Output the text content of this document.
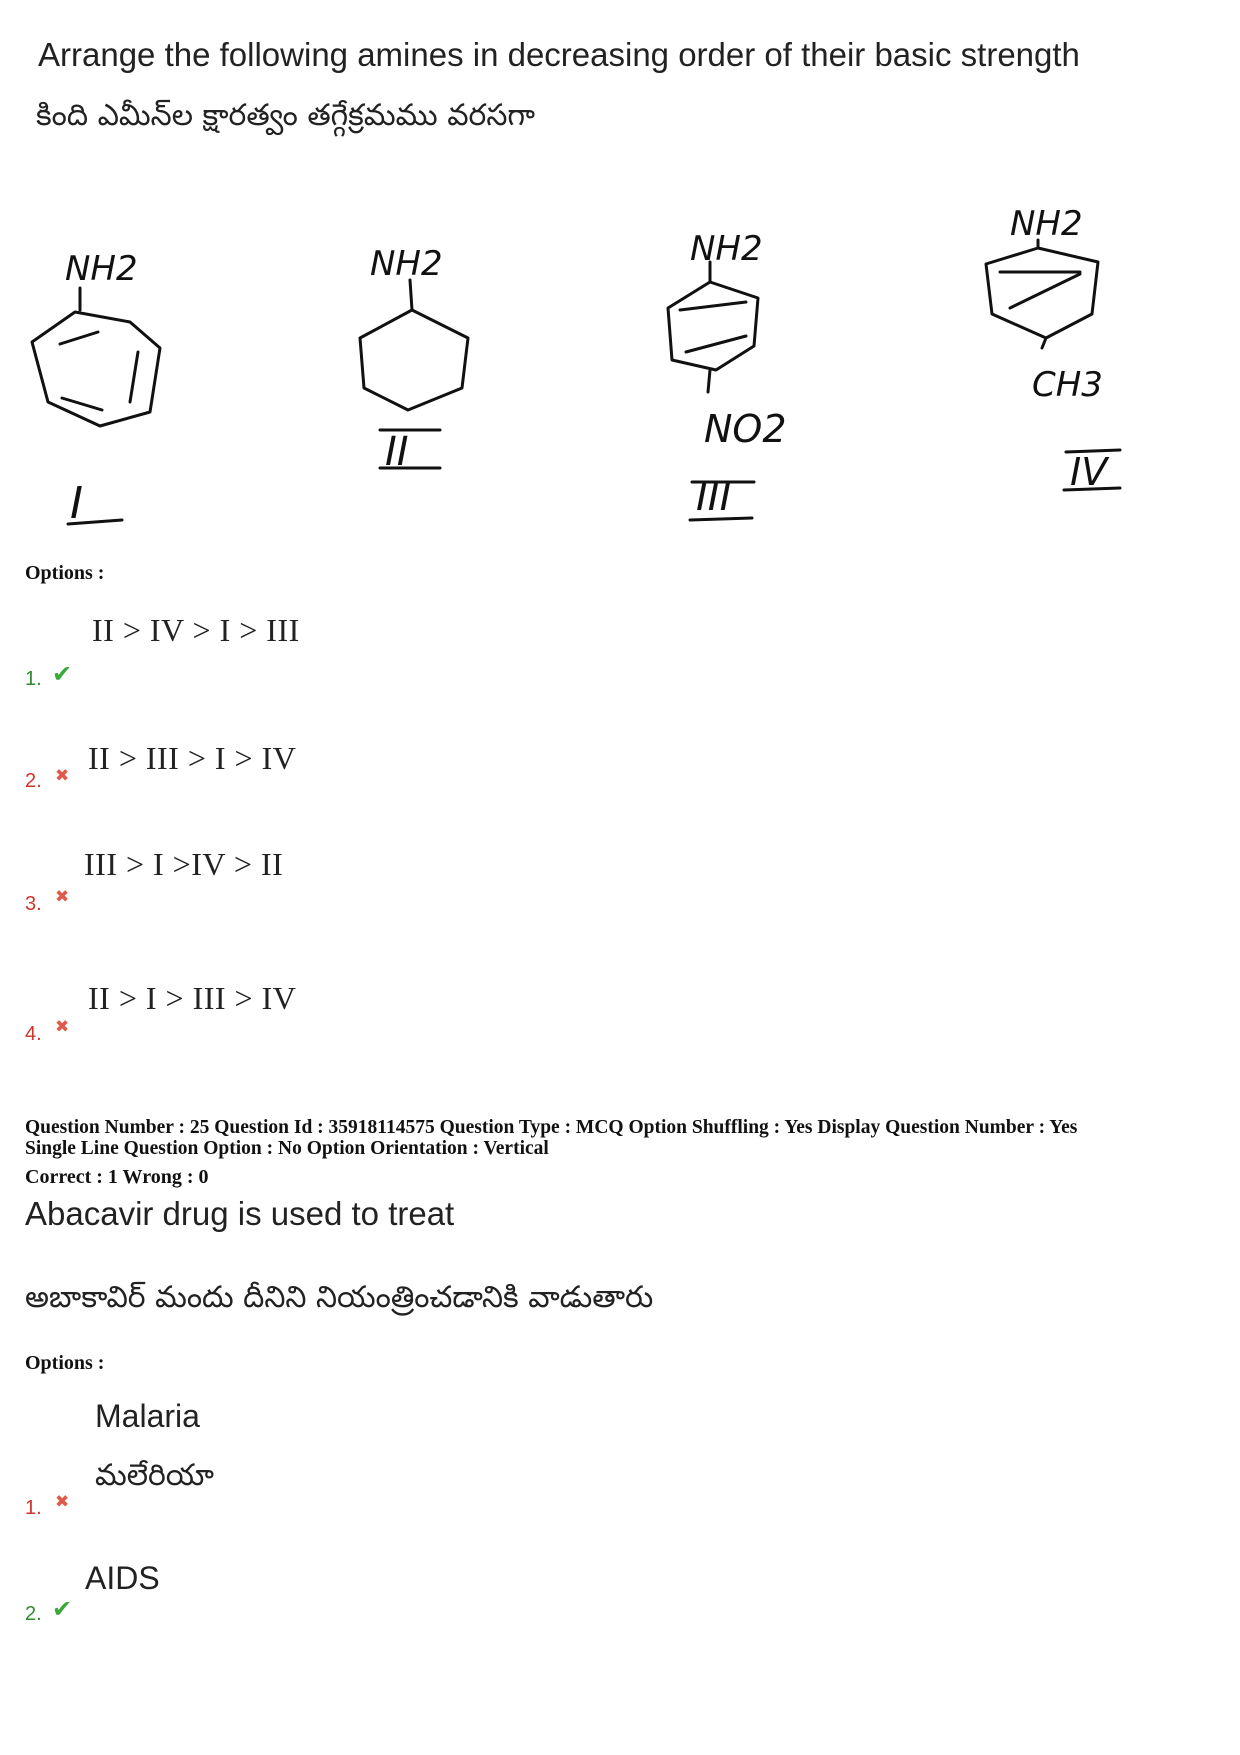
Arrange the following amines in decreasing order of their basic strength
కింది ఎమీన్‌ల క్షారత్వం తగ్గేక్రమము వరసగా
NH2
I
NH2
II
NH2
NO2
III
NH2
CH3
IV
Options :
II > IV > I > III
1. ✔
II > III > I > IV
2. ✖
III > I >IV > II
3. ✖
II > I > III > IV
4. ✖
Question Number : 25 Question Id : 35918114575 Question Type : MCQ Option Shuffling : Yes Display Question Number : Yes
Single Line Question Option : No Option Orientation : Vertical
Correct : 1 Wrong : 0
Abacavir drug is used to treat
అబాకావిర్ మందు దీనిని నియంత్రించడానికి వాడుతారు
Options :
Malaria
మలేరియా
1. ✖
AIDS
2. ✔
